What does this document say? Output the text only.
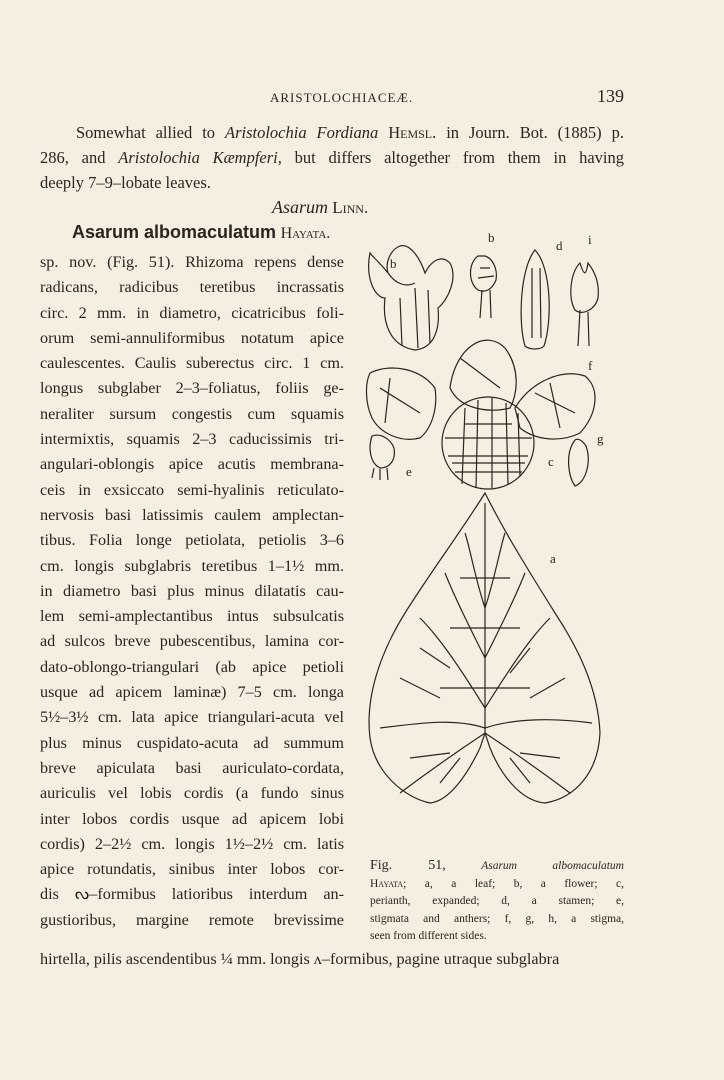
ARISTOLOCHIACEÆ.	139
Somewhat allied to Aristolochia Fordiana Hemsl. in Journ. Bot. (1885) p.
286, and Aristolochia Kæmpferi, but differs altogether from them in having
deeply 7–9–lobate leaves.
Asarum Linn.
Asarum albomaculatum Hayata.
sp. nov. (Fig. 51). Rhizoma repens dense
radicans, radicibus teretibus incrassatis
circ. 2 mm. in diametro, cicatricibus foli-
orum semi-annuliformibus notatum apice
caulescentes. Caulis suberectus circ. 1 cm.
longus subglaber 2–3–foliatus, foliis ge-
neraliter sursum congestis cum squamis
intermixtis, squamis 2–3 caducissimis tri-
angulari-oblongis apice acutis membrana-
ceis in exsiccato semi-hyalinis reticulato-
nervosis basi latissimis caulem amplectan-
tibus. Folia longe petiolata, petiolis 3–6
cm. longis subglabris teretibus 1–1½ mm.
in diametro basi plus minus dilatatis cau-
lem semi-amplectantibus intus subsulcatis
ad sulcos breve pubescentibus, lamina cor-
dato-oblongo-triangulari (ab apice petioli
usque ad apicem laminæ) 7–5 cm. longa
5½–3½ cm. lata apice triangulari-acuta vel
plus minus cuspidato-acuta ad summum
breve apiculata basi auriculato-cordata,
auriculis vel lobis cordis (a fundo sinus
inter lobos cordis usque ad apicem lobi
cordis) 2–2½ cm. longis 1½–2½ cm. latis
apice rotundatis, sinibus inter lobos cor-
dis ᔓ–formibus latioribus interdum an-
gustioribus, margine remote brevissime
hirtella, pilis ascendentibus ¼ mm. longis ᴧ–formibus, pagine utraque subglabra
b
b
d i
f
g
c
e
a
Fig. 51,	Asarum albomaculatum
Hayata; a, a leaf; b, a flower; c,
perianth, expanded; d, a stamen; e,
stigmata and anthers; f, g, h, a stigma,
seen from different sides.
